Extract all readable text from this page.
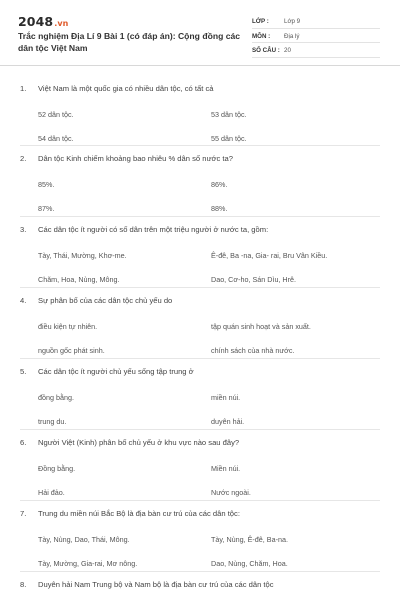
2048.vn
Trắc nghiệm Địa Lí 9 Bài 1 (có đáp án): Cộng đồng các dân tộc Việt Nam
LỚP : Lớp 9
MÔN : Địa lý
SỐ CÂU : 20
1. Việt Nam là một quốc gia có nhiều dân tộc, có tất cả
52 dân tộc.	53 dân tộc.
54 dân tộc.	55 dân tộc.
2. Dân tộc Kinh chiếm khoảng bao nhiêu % dân số nước ta?
85%.	86%.
87%.	88%.
3. Các dân tộc ít người có số dân trên một triệu người ở nước ta, gồm:
Tày, Thái, Mường, Khơ-me.	Ê-đê, Ba -na, Gia- rai, Bru Vân Kiều.
Chăm, Hoa, Nùng, Mông.	Dao, Cơ-ho, Sán Dìu, Hrê.
4. Sự phân bố của các dân tộc chủ yếu do
điều kiện tự nhiên.	tập quán sinh hoạt và sản xuất.
nguồn gốc phát sinh.	chính sách của nhà nước.
5. Các dân tộc ít người chủ yếu sống tập trung ở
đồng bằng.	miền núi.
trung du.	duyên hải.
6. Người Việt (Kinh) phân bố chủ yếu ở khu vực nào sau đây?
Đồng bằng.	Miền núi.
Hải đảo.	Nước ngoài.
7. Trung du miền núi Bắc Bộ là địa bàn cư trú của các dân tộc:
Tày, Nùng, Dao, Thái, Mông.	Tày, Nùng, Ê-đê, Ba-na.
Tày, Mường, Gia-rai, Mơ nông.	Dao, Nùng, Chăm, Hoa.
8. Duyên hải Nam Trung bộ và Nam bộ là địa bàn cư trú của các dân tộc
